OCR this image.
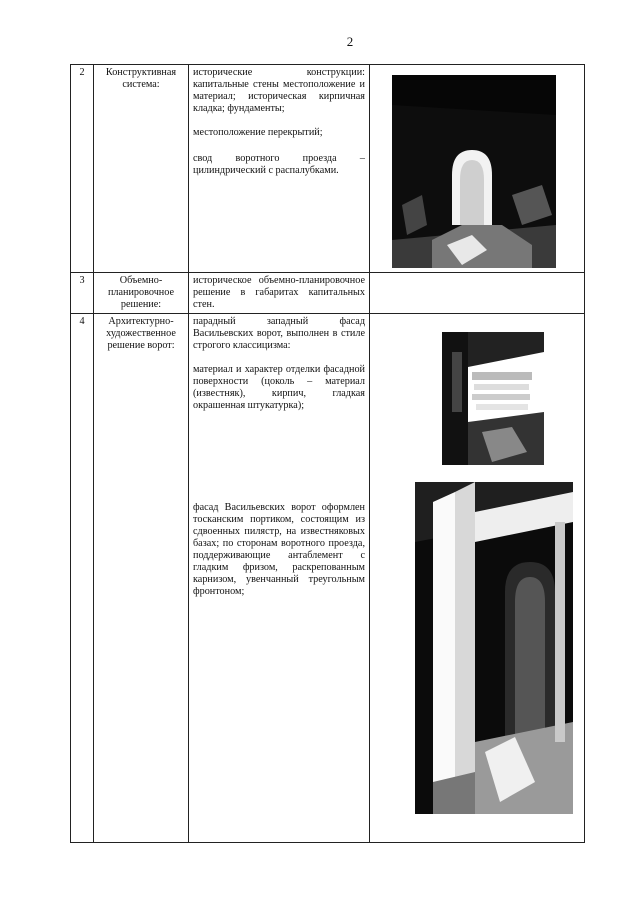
2
2	Конструктивная система:	исторические конструкции: капитальные стены местоположение и материал; историческая кирпичная кладка; фундаменты;

местоположение перекрытий;

свод воротного проезда – цилиндрический с распалубками.

3	Объемно-планировочное решение:	историческое объемно-планировочное решение в габаритах капитальных стен.	

4	Архитектурно-художественное решение ворот:	парадный западный фасад Васильевских ворот, выполнен в стиле строгого классицизма:

материал и характер отделки фасадной поверхности (цоколь – материал (известняк), кирпич, гладкая окрашенная штукатурка);

фасад Васильевских ворот оформлен тосканским портиком, состоящим из сдвоенных пилястр, на известняковых базах; по сторонам воротного проезда, поддерживающие антаблемент с гладким фризом, раскрепованным карнизом, увенчанный треугольным фронтоном;
